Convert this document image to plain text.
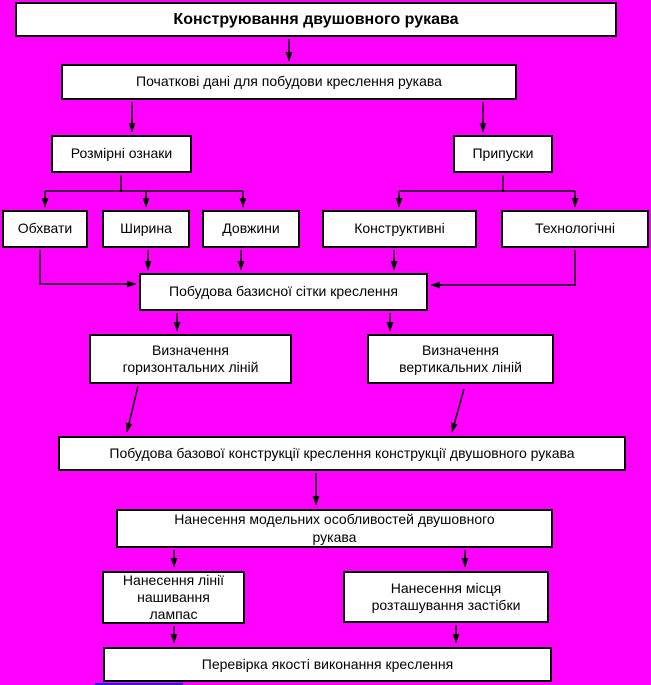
Конструювання двушовного рукава
Початкові дані для побудови креслення рукава
Розмірні ознаки	Припуски
Обхвати	Ширина	Довжини	Конструктивні	Технологічні
Побудова базисної сітки креслення
Визначення
горизонтальних ліній
Визначення
вертикальних ліній
Побудова базової конструкції креслення конструкції двушовного рукава
Нанесення модельних особливостей двушовного
рукава
Нанесення лінії
нашивання
лампас
Нанесення місця
розташування застібки
Перевірка якості виконання креслення
